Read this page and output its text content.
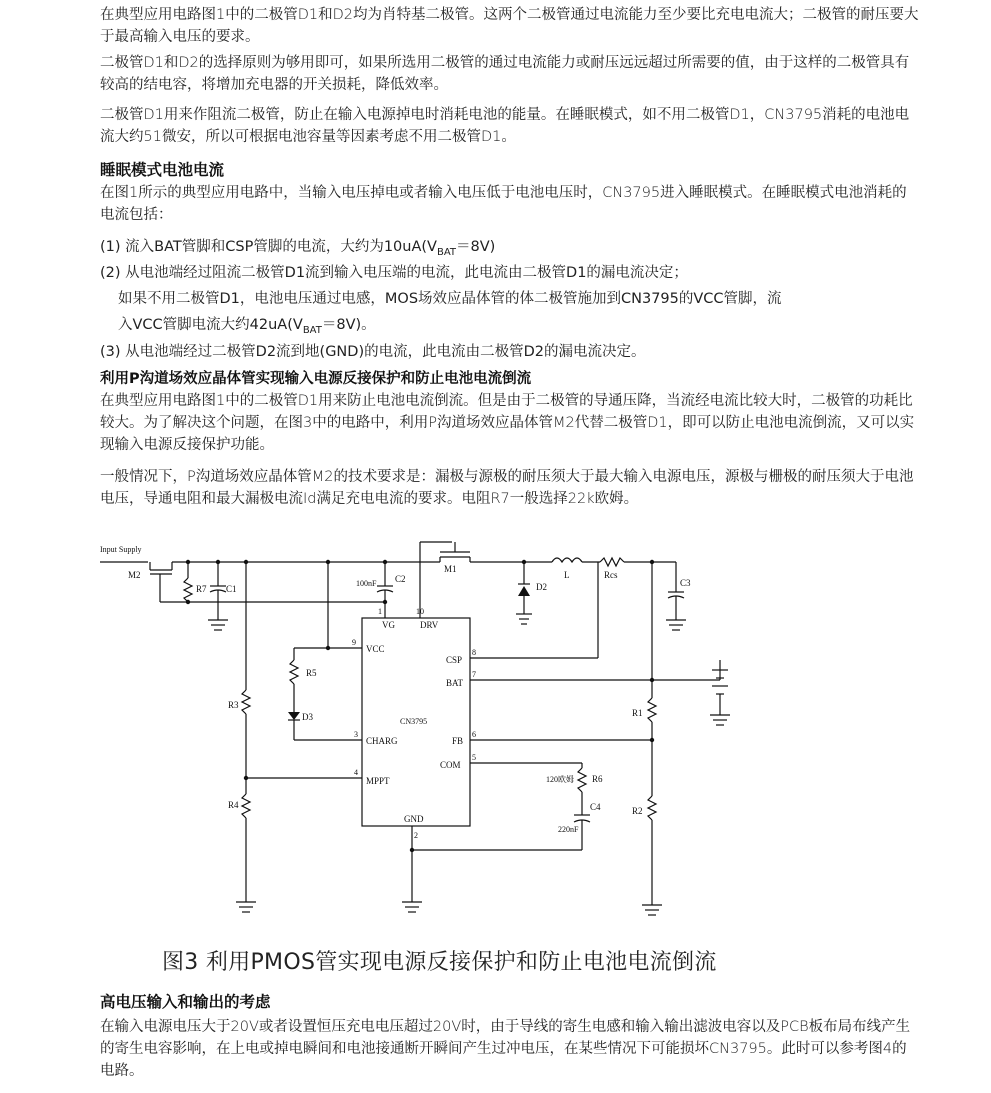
在典型应用电路图1中的二极管D1和D2均为肖特基二极管。这两个二极管通过电流能力至少要比充电电流大；二极管的耐压要大于最高输入电压的要求。

二极管D1和D2的选择原则为够用即可，如果所选用二极管的通过电流能力或耐压远远超过所需要的值，由于这样的二极管具有较高的结电容，将增加充电器的开关损耗，降低效率。

二极管D1用来作阻流二极管，防止在输入电源掉电时消耗电池的能量。在睡眠模式，如不用二极管D1，CN3795消耗的电池电流大约51微安，所以可根据电池容量等因素考虑不用二极管D1。

睡眠模式电池电流

在图1所示的典型应用电路中，当输入电压掉电或者输入电压低于电池电压时，CN3795进入睡眠模式。在睡眠模式电池消耗的电流包括：

(1) 流入BAT管脚和CSP管脚的电流，大约为$10uA(V_{BAT}=8V)$

(2) 从电池端经过阻流二极管D1流到输入电压端的电流，此电流由二极管D1的漏电流决定；

如果不用二极管D1，电池电压通过电感，MOS场效应晶体管的体二极管施加到CN3795的VCC管脚，流

入VCC管脚电流大约$42uA(V_{BAT}=8V)$。

(3) 从电池端经过二极管D2流到地(GND)的电流，此电流由二极管D2的漏电流决定。

利用P沟道场效应晶体管实现输入电源反接保护和防止电池电流倒流

在典型应用电路图1中的二极管D1用来防止电池电流倒流。但是由于二极管的导通压降，当流经电流比较大时，二极管的功耗比较大。为了解决这个问题，在图3中的电路中，利用P沟道场效应晶体管M2代替二极管D1，即可以防止电池电流倒流，又可以实现输入电源反接保护功能。

一般情况下，P沟道场效应晶体管M2的技术要求是：漏极与源极的耐压须大于最大输入电源电压，源极与栅极的耐压须大于电池电压，导通电阻和最大漏极电流Id满足充电电流的要求。电阻R7一般选择22k欧姆。

Input Supply
M2
R7 C1
100nF C2
M1
D2
L	Rcs
C3
R5
D3
R3
R4
R1
R2
120欧姆 R6
C4
220nF
VG
1
DRV
10
VCC
9
CSP
8
BAT
7
CN3795
CHARG
3
FB
6
COM
5
MPPT
4
GND
2

图3 利用PMOS管实现电源反接保护和防止电池电流倒流

高电压输入和输出的考虑

在输入电源电压大于20V或者设置恒压充电电压超过20V时，由于导线的寄生电感和输入输出滤波电容以及PCB板布局布线产生的寄生电容影响，在上电或掉电瞬间和电池接通断开瞬间产生过冲电压，在某些情况下可能损坏CN3795。此时可以参考图4的电路。
